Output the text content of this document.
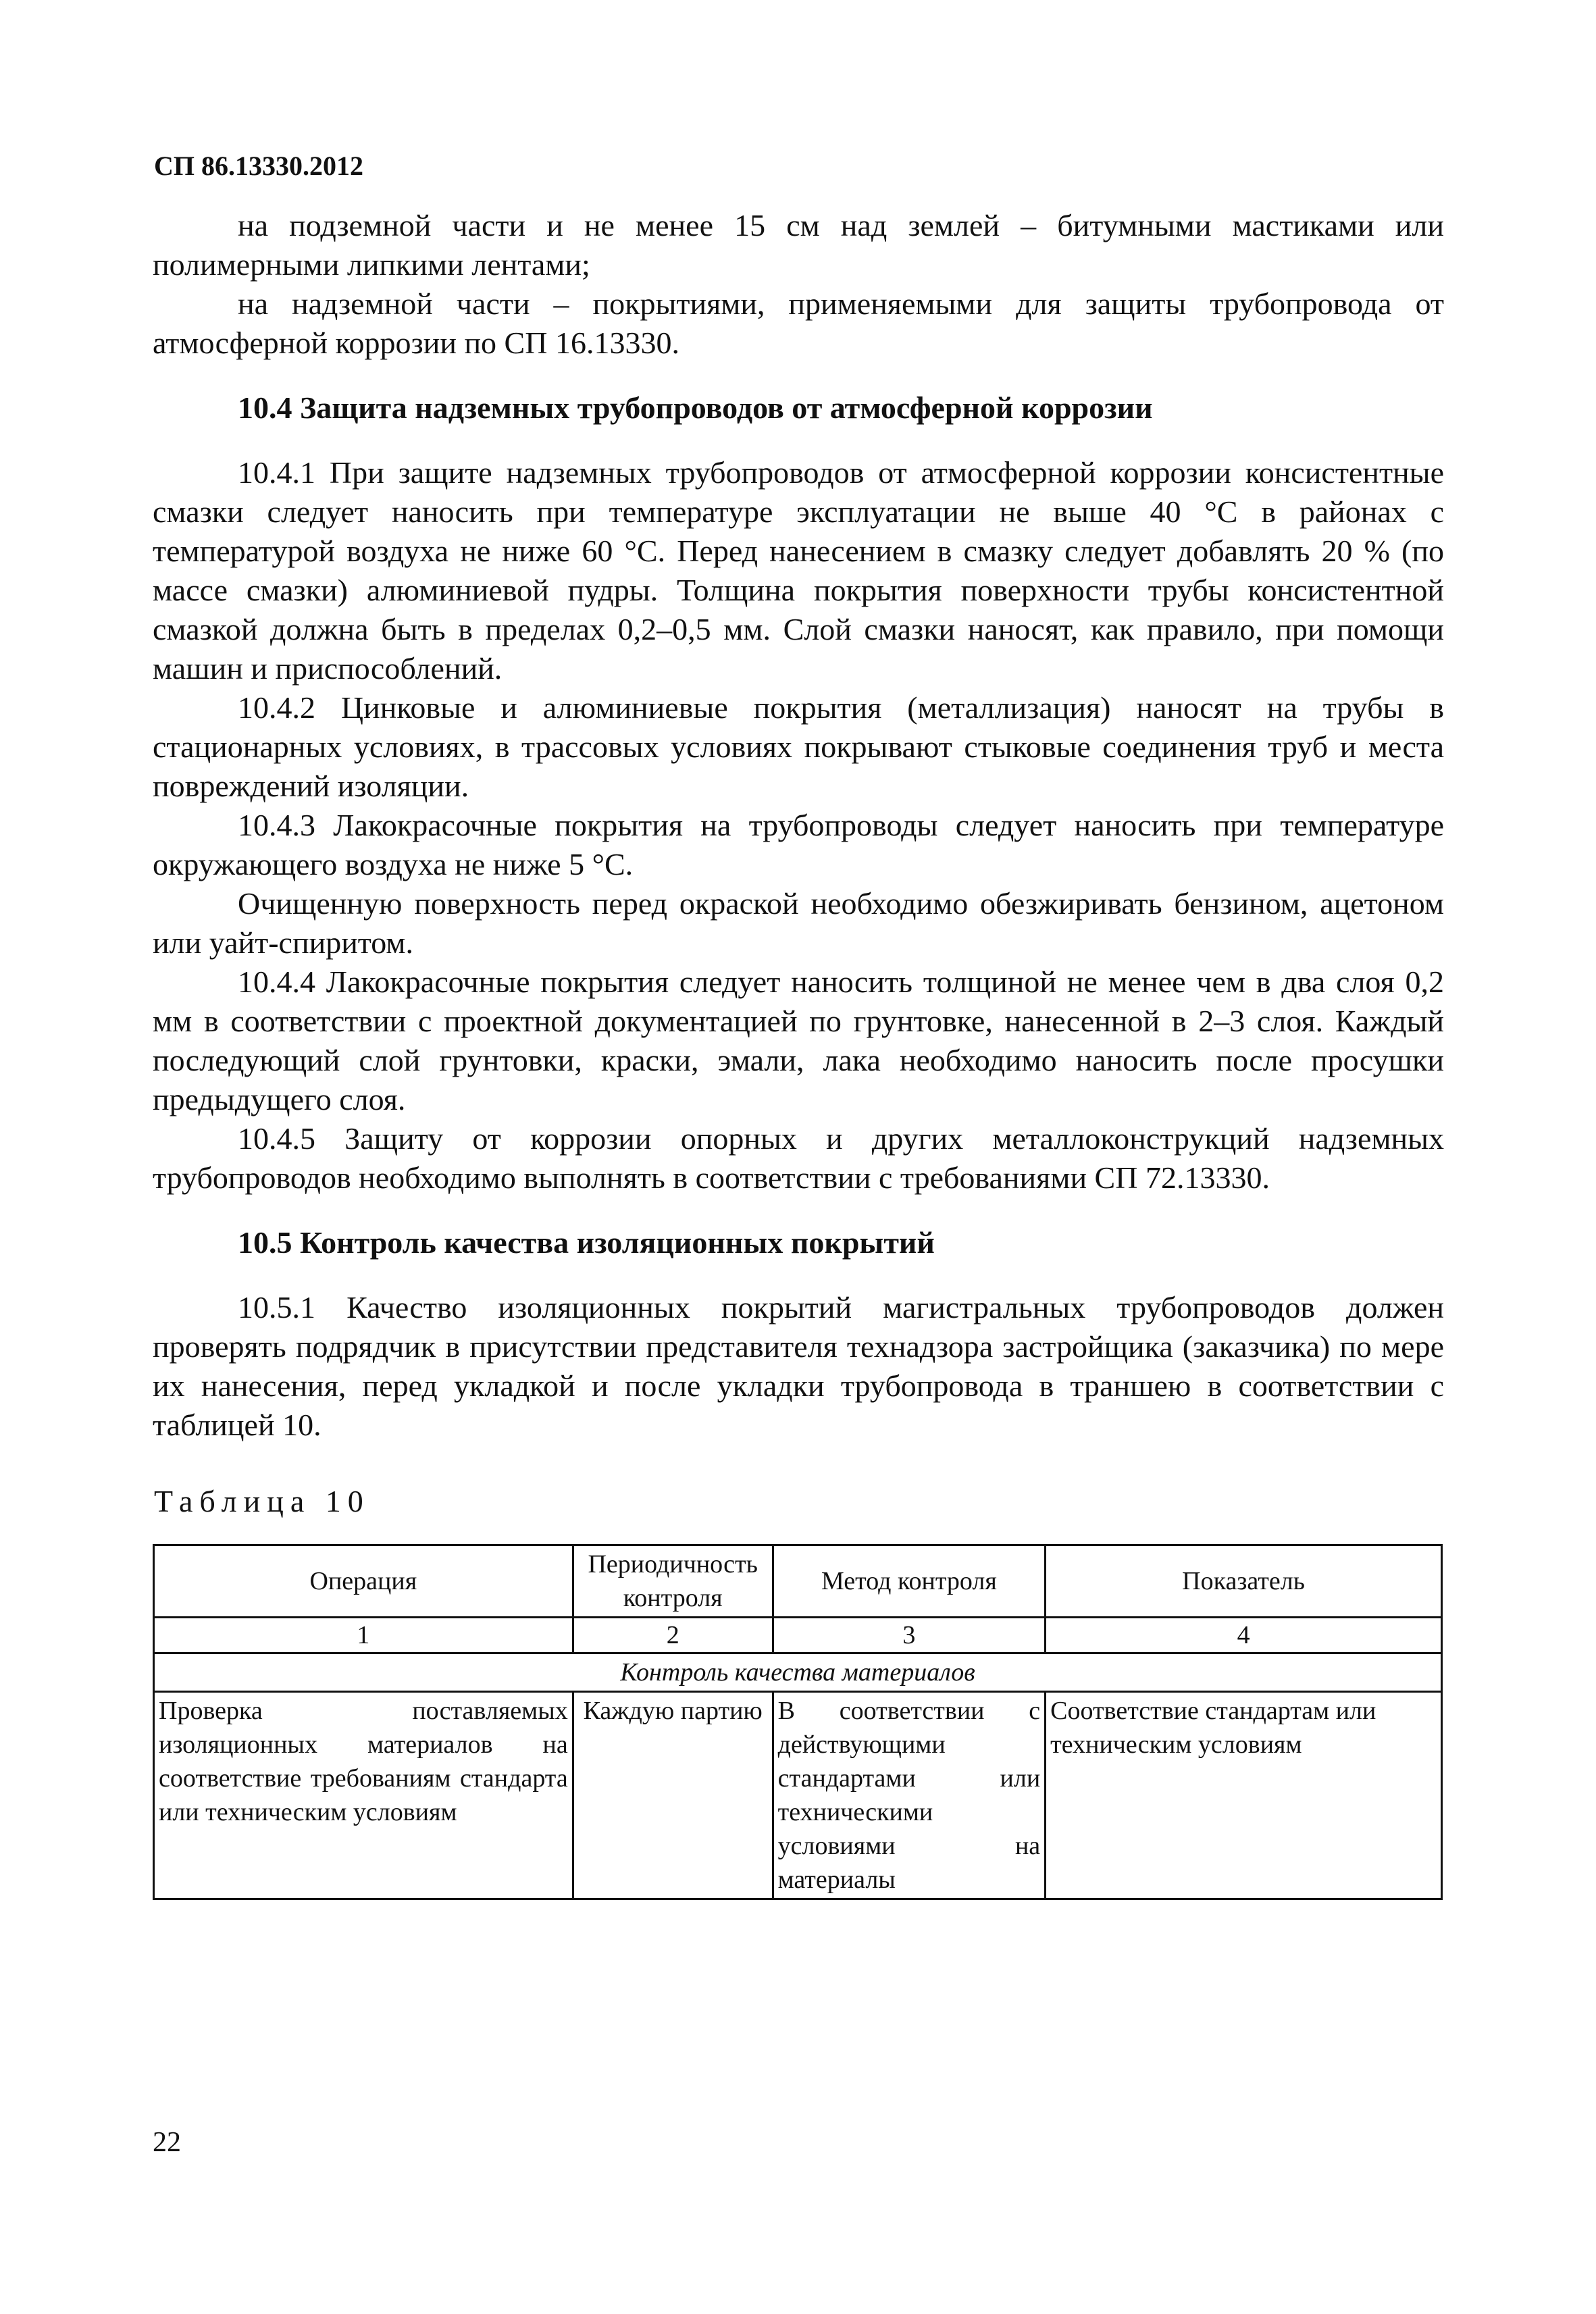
СП 86.13330.2012

на подземной части и не менее 15 см над землей – битумными мастиками или полимерными липкими лентами;

на надземной части – покрытиями, применяемыми для защиты трубопровода от атмосферной коррозии по СП 16.13330.

10.4 Защита надземных трубопроводов от атмосферной коррозии

10.4.1 При защите надземных трубопроводов от атмосферной коррозии консистентные смазки следует наносить при температуре эксплуатации не выше 40 °С в районах с температурой воздуха не ниже 60 °С. Перед нанесением в смазку следует добавлять 20 % (по массе смазки) алюминиевой пудры. Толщина покрытия поверхности трубы консистентной смазкой должна быть в пределах 0,2–0,5 мм. Слой смазки наносят, как правило, при помощи машин и приспособлений.

10.4.2 Цинковые и алюминиевые покрытия (металлизация) наносят на трубы в стационарных условиях, в трассовых условиях покрывают стыковые соединения труб и места повреждений изоляции.

10.4.3 Лакокрасочные покрытия на трубопроводы следует наносить при температуре окружающего воздуха не ниже 5 °С.

Очищенную поверхность перед окраской необходимо обезжиривать бензином, ацетоном или уайт-спиритом.

10.4.4 Лакокрасочные покрытия следует наносить толщиной не менее чем в два слоя 0,2 мм в соответствии с проектной документацией по грунтовке, нанесенной в 2–3 слоя. Каждый последующий слой грунтовки, краски, эмали, лака необходимо наносить после просушки предыдущего слоя.

10.4.5 Защиту от коррозии опорных и других металлоконструкций надземных трубопроводов необходимо выполнять в соответствии с требованиями СП 72.13330.

10.5 Контроль качества изоляционных покрытий

10.5.1 Качество изоляционных покрытий магистральных трубопроводов должен проверять подрядчик в присутствии представителя технадзора застройщика (заказчика) по мере их нанесения, перед укладкой и после укладки трубопровода в траншею в соответствии с таблицей 10.

Таблица 10
Операция	Периодичность контроля	Метод контроля	Показатель
1	2	3	4
Контроль качества материалов			
Проверка поставляемых изоляционных материалов на соответствие требованиям стандарта или техническим условиям	Каждую партию	В соответствии с действующими стандартами или техническими условиями на материалы	Соответствие стандартам или техническим условиям
22
